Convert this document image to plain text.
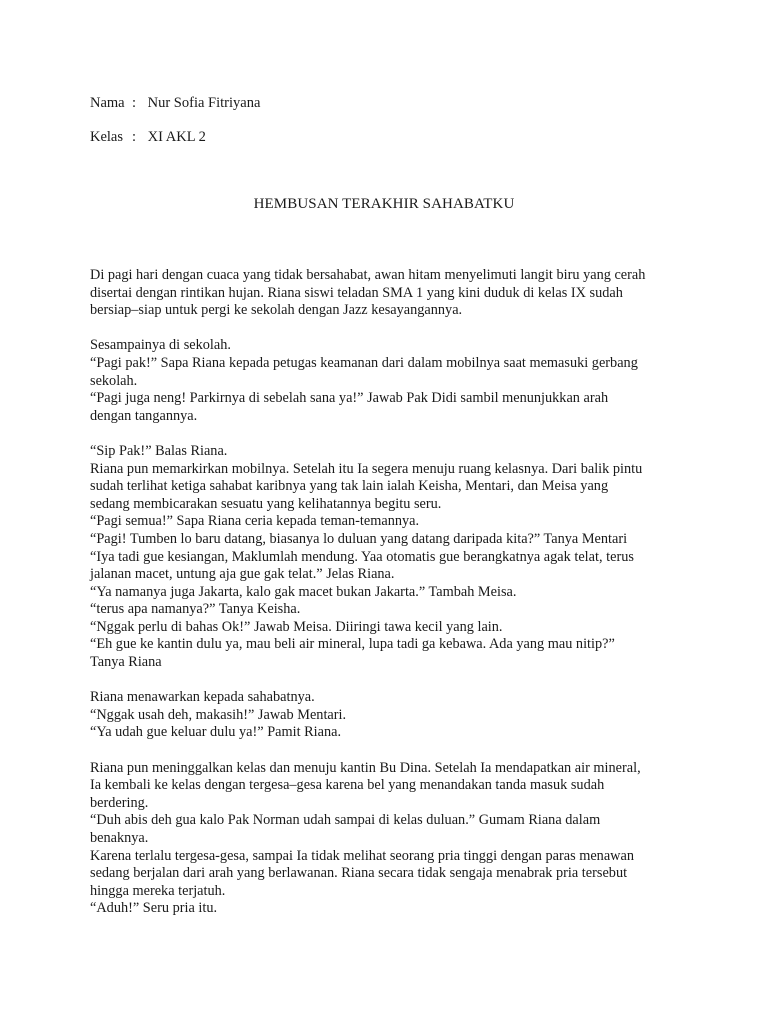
Nama : Nur Sofia Fitriyana
Kelas : XI AKL 2
HEMBUSAN TERAKHIR SAHABATKU
Di pagi hari dengan cuaca yang tidak bersahabat, awan hitam menyelimuti langit biru yang cerah
disertai dengan rintikan hujan. Riana siswi teladan SMA 1 yang kini duduk di kelas IX sudah
bersiap–siap untuk pergi ke sekolah dengan Jazz kesayangannya.
Sesampainya di sekolah.
“Pagi pak!” Sapa Riana kepada petugas keamanan dari dalam mobilnya saat memasuki gerbang
sekolah.
“Pagi juga neng! Parkirnya di sebelah sana ya!” Jawab Pak Didi sambil menunjukkan arah
dengan tangannya.
“Sip Pak!” Balas Riana.
Riana pun memarkirkan mobilnya. Setelah itu Ia segera menuju ruang kelasnya. Dari balik pintu
sudah terlihat ketiga sahabat karibnya yang tak lain ialah Keisha, Mentari, dan Meisa yang
sedang membicarakan sesuatu yang kelihatannya begitu seru.
“Pagi semua!” Sapa Riana ceria kepada teman-temannya.
“Pagi! Tumben lo baru datang, biasanya lo duluan yang datang daripada kita?” Tanya Mentari
“Iya tadi gue kesiangan, Maklumlah mendung. Yaa otomatis gue berangkatnya agak telat, terus
jalanan macet, untung aja gue gak telat.” Jelas Riana.
“Ya namanya juga Jakarta, kalo gak macet bukan Jakarta.” Tambah Meisa.
“terus apa namanya?” Tanya Keisha.
“Nggak perlu di bahas Ok!” Jawab Meisa. Diiringi tawa kecil yang lain.
“Eh gue ke kantin dulu ya, mau beli air mineral, lupa tadi ga kebawa. Ada yang mau nitip?”
Tanya Riana
Riana menawarkan kepada sahabatnya.
“Nggak usah deh, makasih!” Jawab Mentari.
“Ya udah gue keluar dulu ya!” Pamit Riana.
Riana pun meninggalkan kelas dan menuju kantin Bu Dina. Setelah Ia mendapatkan air mineral,
Ia kembali ke kelas dengan tergesa–gesa karena bel yang menandakan tanda masuk sudah
berdering.
“Duh abis deh gua kalo Pak Norman udah sampai di kelas duluan.” Gumam Riana dalam
benaknya.
Karena terlalu tergesa-gesa, sampai Ia tidak melihat seorang pria tinggi dengan paras menawan
sedang berjalan dari arah yang berlawanan. Riana secara tidak sengaja menabrak pria tersebut
hingga mereka terjatuh.
“Aduh!” Seru pria itu.
